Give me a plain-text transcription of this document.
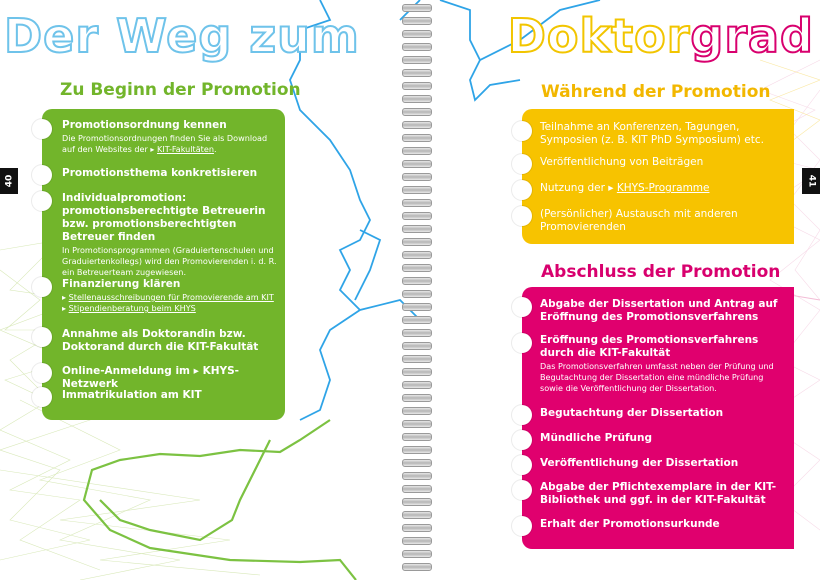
Der Weg zum	Doktorgrad
40	41
Zu Beginn der Promotion
Promotionsordnung kennen
Die Promotionsordnungen finden Sie als Download auf den Websites der ▸ KIT-Fakultäten.
Promotionsthema konkretisieren
Individualpromotion: promotionsberechtigte Betreuerin bzw. promotionsberechtigten Betreuer finden
In Promotionsprogrammen (Graduiertenschulen und Graduiertenkollegs) wird den Promovierenden i. d. R. ein Betreuerteam zugewiesen.
Finanzierung klären
▸ Stellenausschreibungen für Promovierende am KIT
▸ Stipendienberatung beim KHYS
Annahme als Doktorandin bzw. Doktorand durch die KIT-Fakultät
Online-Anmeldung im ▸ KHYS-Netzwerk
Immatrikulation am KIT
Während der Promotion
Teilnahme an Konferenzen, Tagungen, Symposien (z. B. KIT PhD Symposium) etc.
Veröffentlichung von Beiträgen
Nutzung der ▸ KHYS-Programme
(Persönlicher) Austausch mit anderen Promovierenden
Abschluss der Promotion
Abgabe der Dissertation und Antrag auf Eröffnung des Promotionsverfahrens
Eröffnung des Promotionsverfahrens durch die KIT-Fakultät
Das Promotionsverfahren umfasst neben der Prüfung und Begutachtung der Dissertation eine mündliche Prüfung sowie die Veröffentlichung der Dissertation.
Begutachtung der Dissertation
Mündliche Prüfung
Veröffentlichung der Dissertation
Abgabe der Pflichtexemplare in der KIT-Bibliothek und ggf. in der KIT-Fakultät
Erhalt der Promotionsurkunde
